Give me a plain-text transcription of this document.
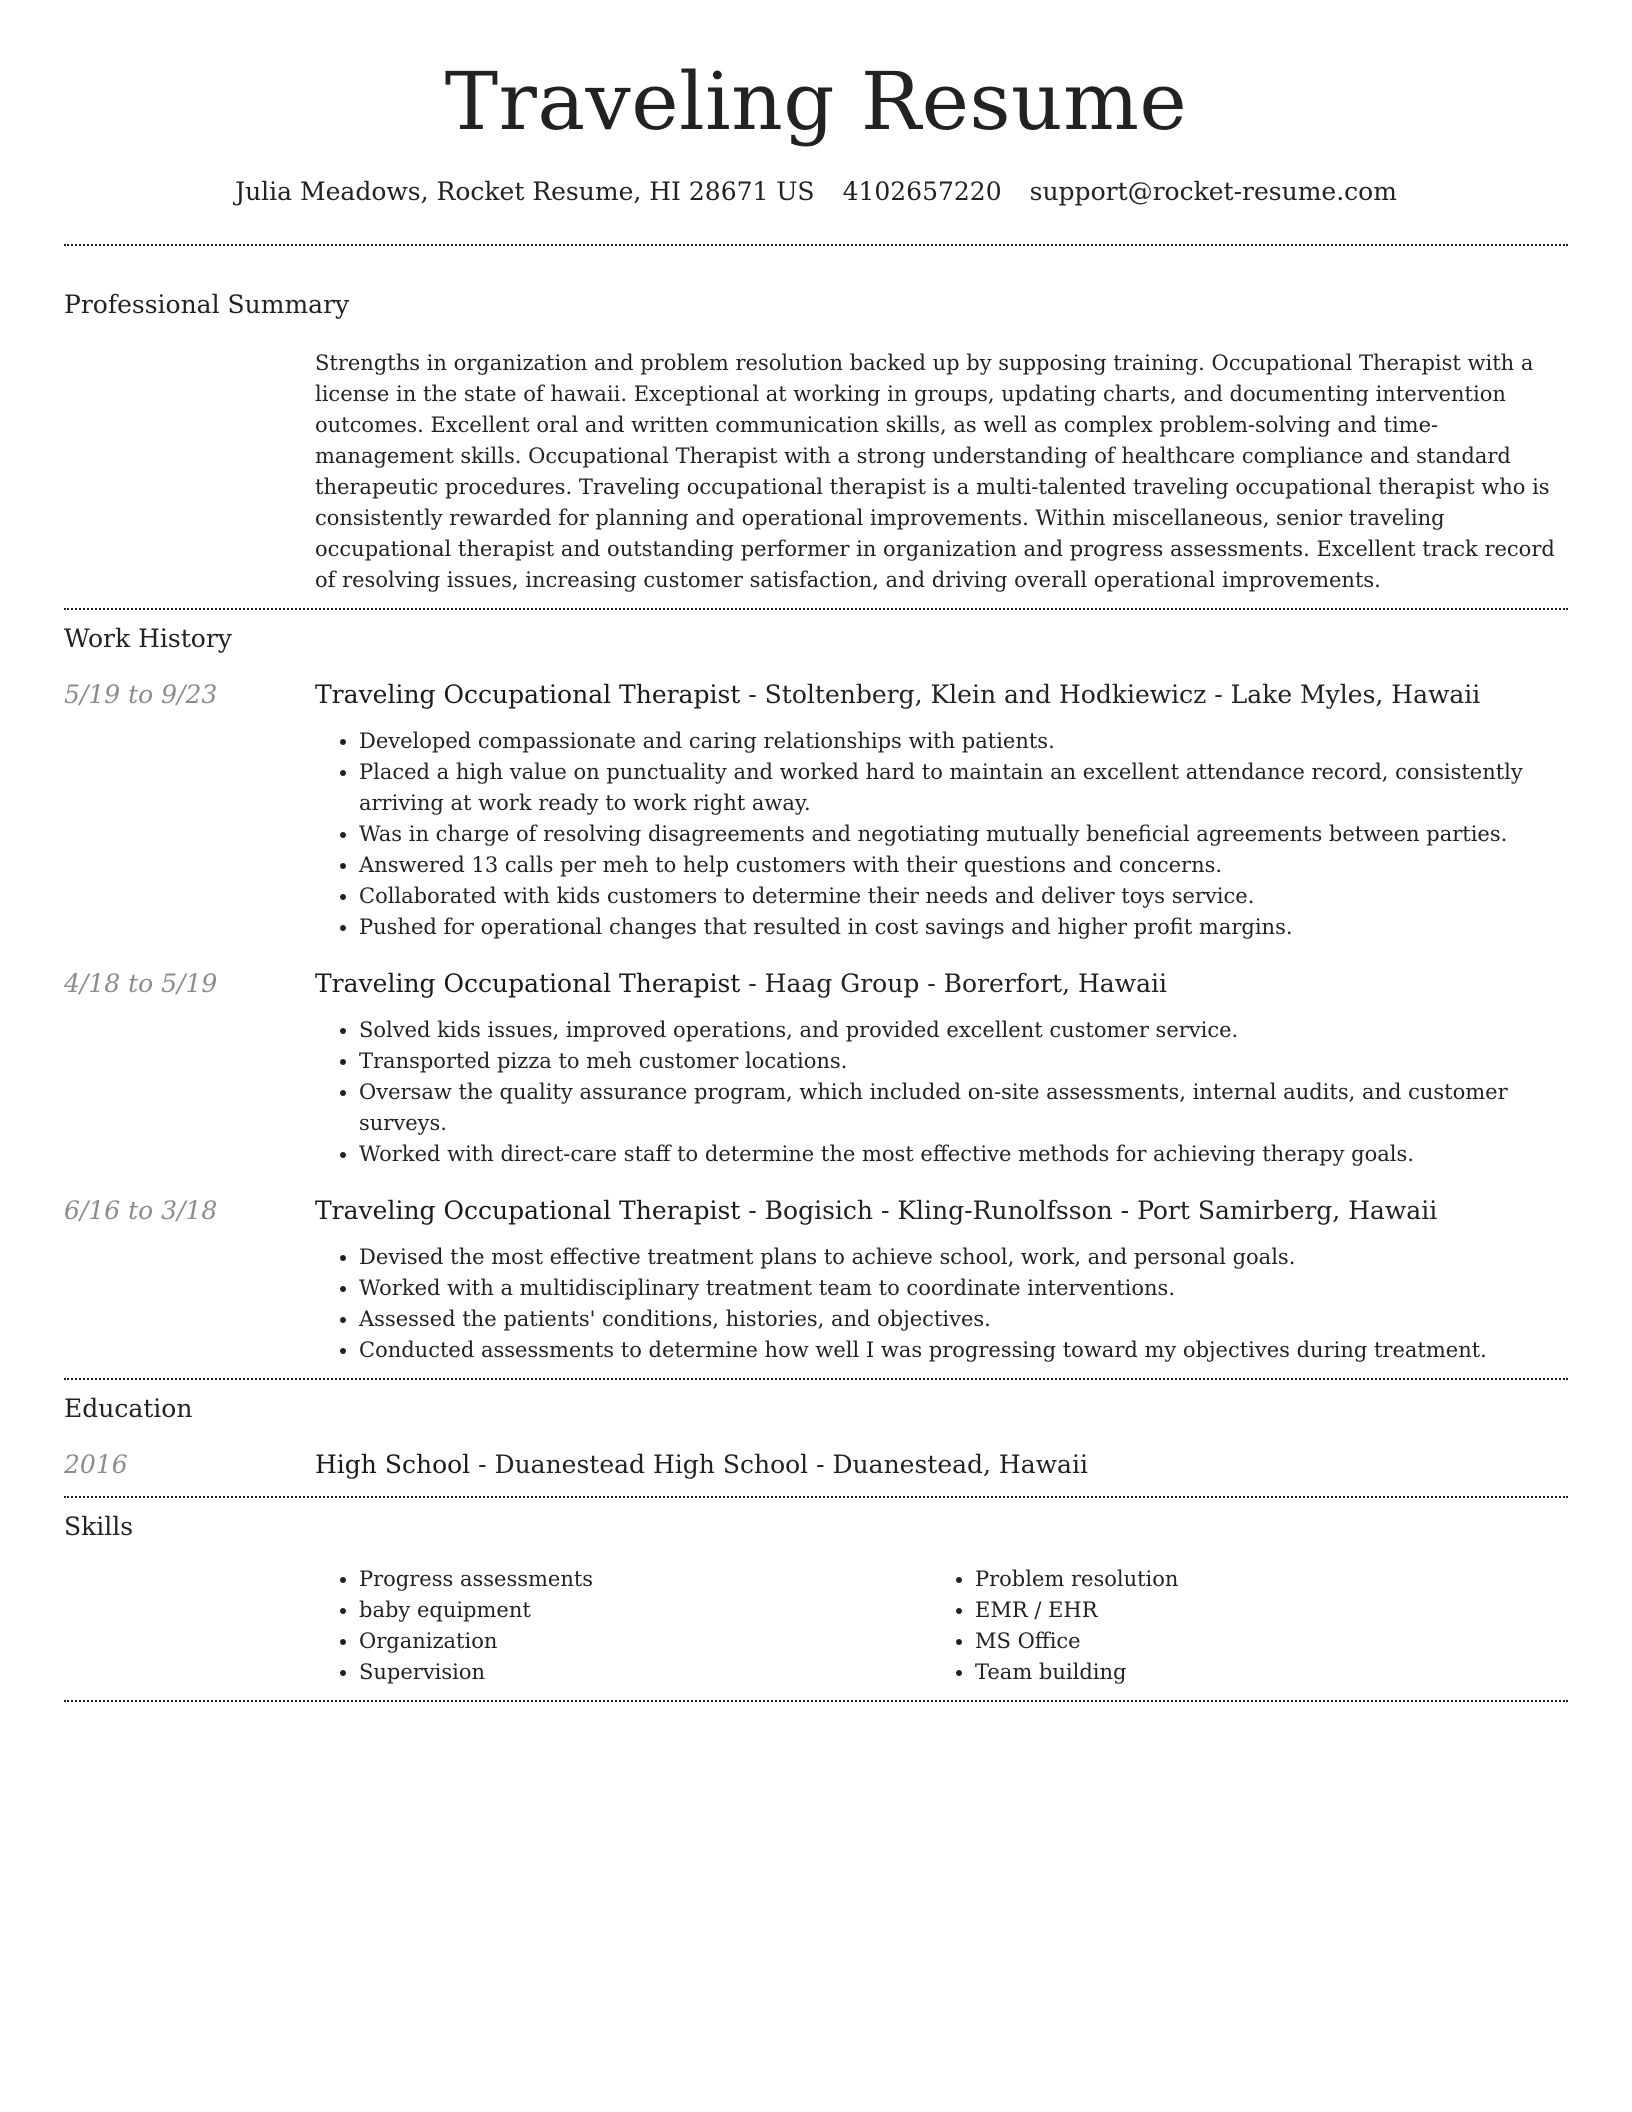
Traveling Resume
Julia Meadows, Rocket Resume, HI 28671 US 4102657220 support@rocket-resume.com
Professional Summary

Strengths in organization and problem resolution backed up by supposing training. Occupational Therapist with a license in the state of hawaii. Exceptional at working in groups, updating charts, and documenting intervention outcomes. Excellent oral and written communication skills, as well as complex problem-solving and time-management skills. Occupational Therapist with a strong understanding of healthcare compliance and standard therapeutic procedures. Traveling occupational therapist is a multi-talented traveling occupational therapist who is consistently rewarded for planning and operational improvements. Within miscellaneous, senior traveling occupational therapist and outstanding performer in organization and progress assessments. Excellent track record of resolving issues, increasing customer satisfaction, and driving overall operational improvements.

Work History
5/19 to 9/23	Traveling Occupational Therapist - Stoltenberg, Klein and Hodkiewicz - Lake Myles, Hawaii
• Developed compassionate and caring relationships with patients.
• Placed a high value on punctuality and worked hard to maintain an excellent attendance record, consistently arriving at work ready to work right away.
• Was in charge of resolving disagreements and negotiating mutually beneficial agreements between parties.
• Answered 13 calls per meh to help customers with their questions and concerns.
• Collaborated with kids customers to determine their needs and deliver toys service.
• Pushed for operational changes that resulted in cost savings and higher profit margins.
4/18 to 5/19	Traveling Occupational Therapist - Haag Group - Borerfort, Hawaii
• Solved kids issues, improved operations, and provided excellent customer service.
• Transported pizza to meh customer locations.
• Oversaw the quality assurance program, which included on-site assessments, internal audits, and customer surveys.
• Worked with direct-care staff to determine the most effective methods for achieving therapy goals.
6/16 to 3/18	Traveling Occupational Therapist - Bogisich - Kling-Runolfsson - Port Samirberg, Hawaii
• Devised the most effective treatment plans to achieve school, work, and personal goals.
• Worked with a multidisciplinary treatment team to coordinate interventions.
• Assessed the patients' conditions, histories, and objectives.
• Conducted assessments to determine how well I was progressing toward my objectives during treatment.
Education
2016	High School - Duanestead High School - Duanestead, Hawaii
Skills
• Progress assessments
• baby equipment
• Organization
• Supervision
• Problem resolution
• EMR / EHR
• MS Office
• Team building
